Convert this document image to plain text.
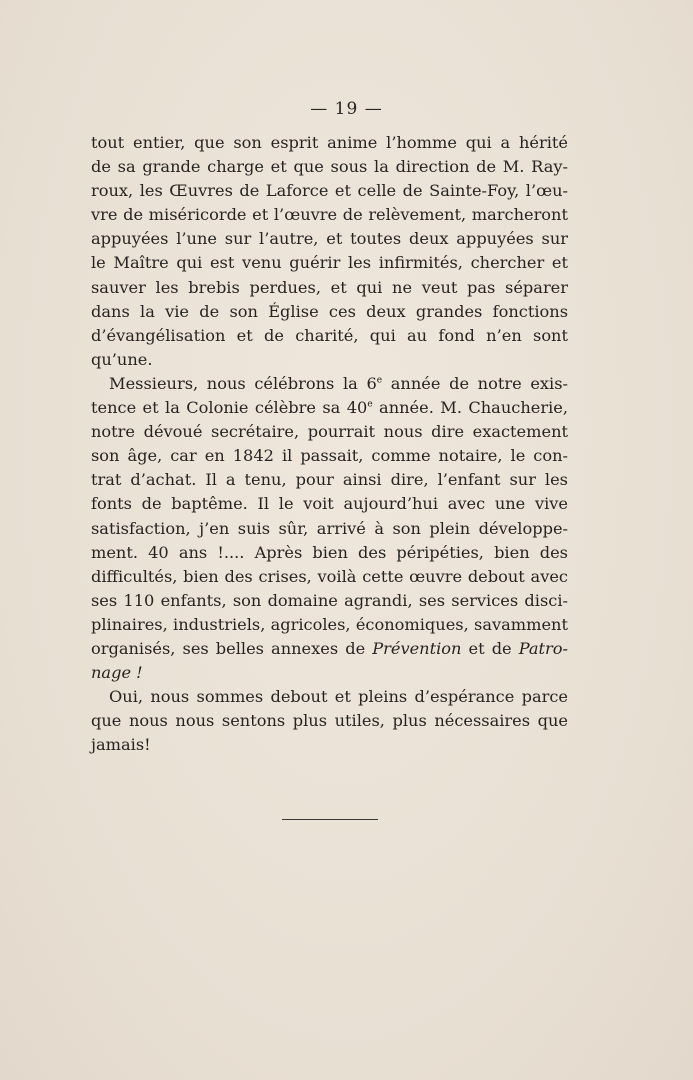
— 19 —
tout entier, que son esprit anime l’homme qui a hérité
de sa grande charge et que sous la direction de M. Ray-
roux, les Œuvres de Laforce et celle de Sainte-Foy, l’œu-
vre de miséricorde et l’œuvre de relèvement, marcheront
appuyées l’une sur l’autre, et toutes deux appuyées sur
le Maître qui est venu guérir les infirmités, chercher et
sauver les brebis perdues, et qui ne veut pas séparer
dans la vie de son Église ces deux grandes fonctions
d’évangélisation et de charité, qui au fond n’en sont
qu’une.
Messieurs, nous célébrons la 6e année de notre exis-
tence et la Colonie célèbre sa 40e année. M. Chaucherie,
notre dévoué secrétaire, pourrait nous dire exactement
son âge, car en 1842 il passait, comme notaire, le con-
trat d’achat. Il a tenu, pour ainsi dire, l’enfant sur les
fonts de baptême. Il le voit aujourd’hui avec une vive
satisfaction, j’en suis sûr, arrivé à son plein développe-
ment. 40 ans !.... Après bien des péripéties, bien des
difficultés, bien des crises, voilà cette œuvre debout avec
ses 110 enfants, son domaine agrandi, ses services disci-
plinaires, industriels, agricoles, économiques, savamment
organisés, ses belles annexes de Prévention et de Patro-
nage !
Oui, nous sommes debout et pleins d’espérance parce
que nous nous sentons plus utiles, plus nécessaires que
jamais!
